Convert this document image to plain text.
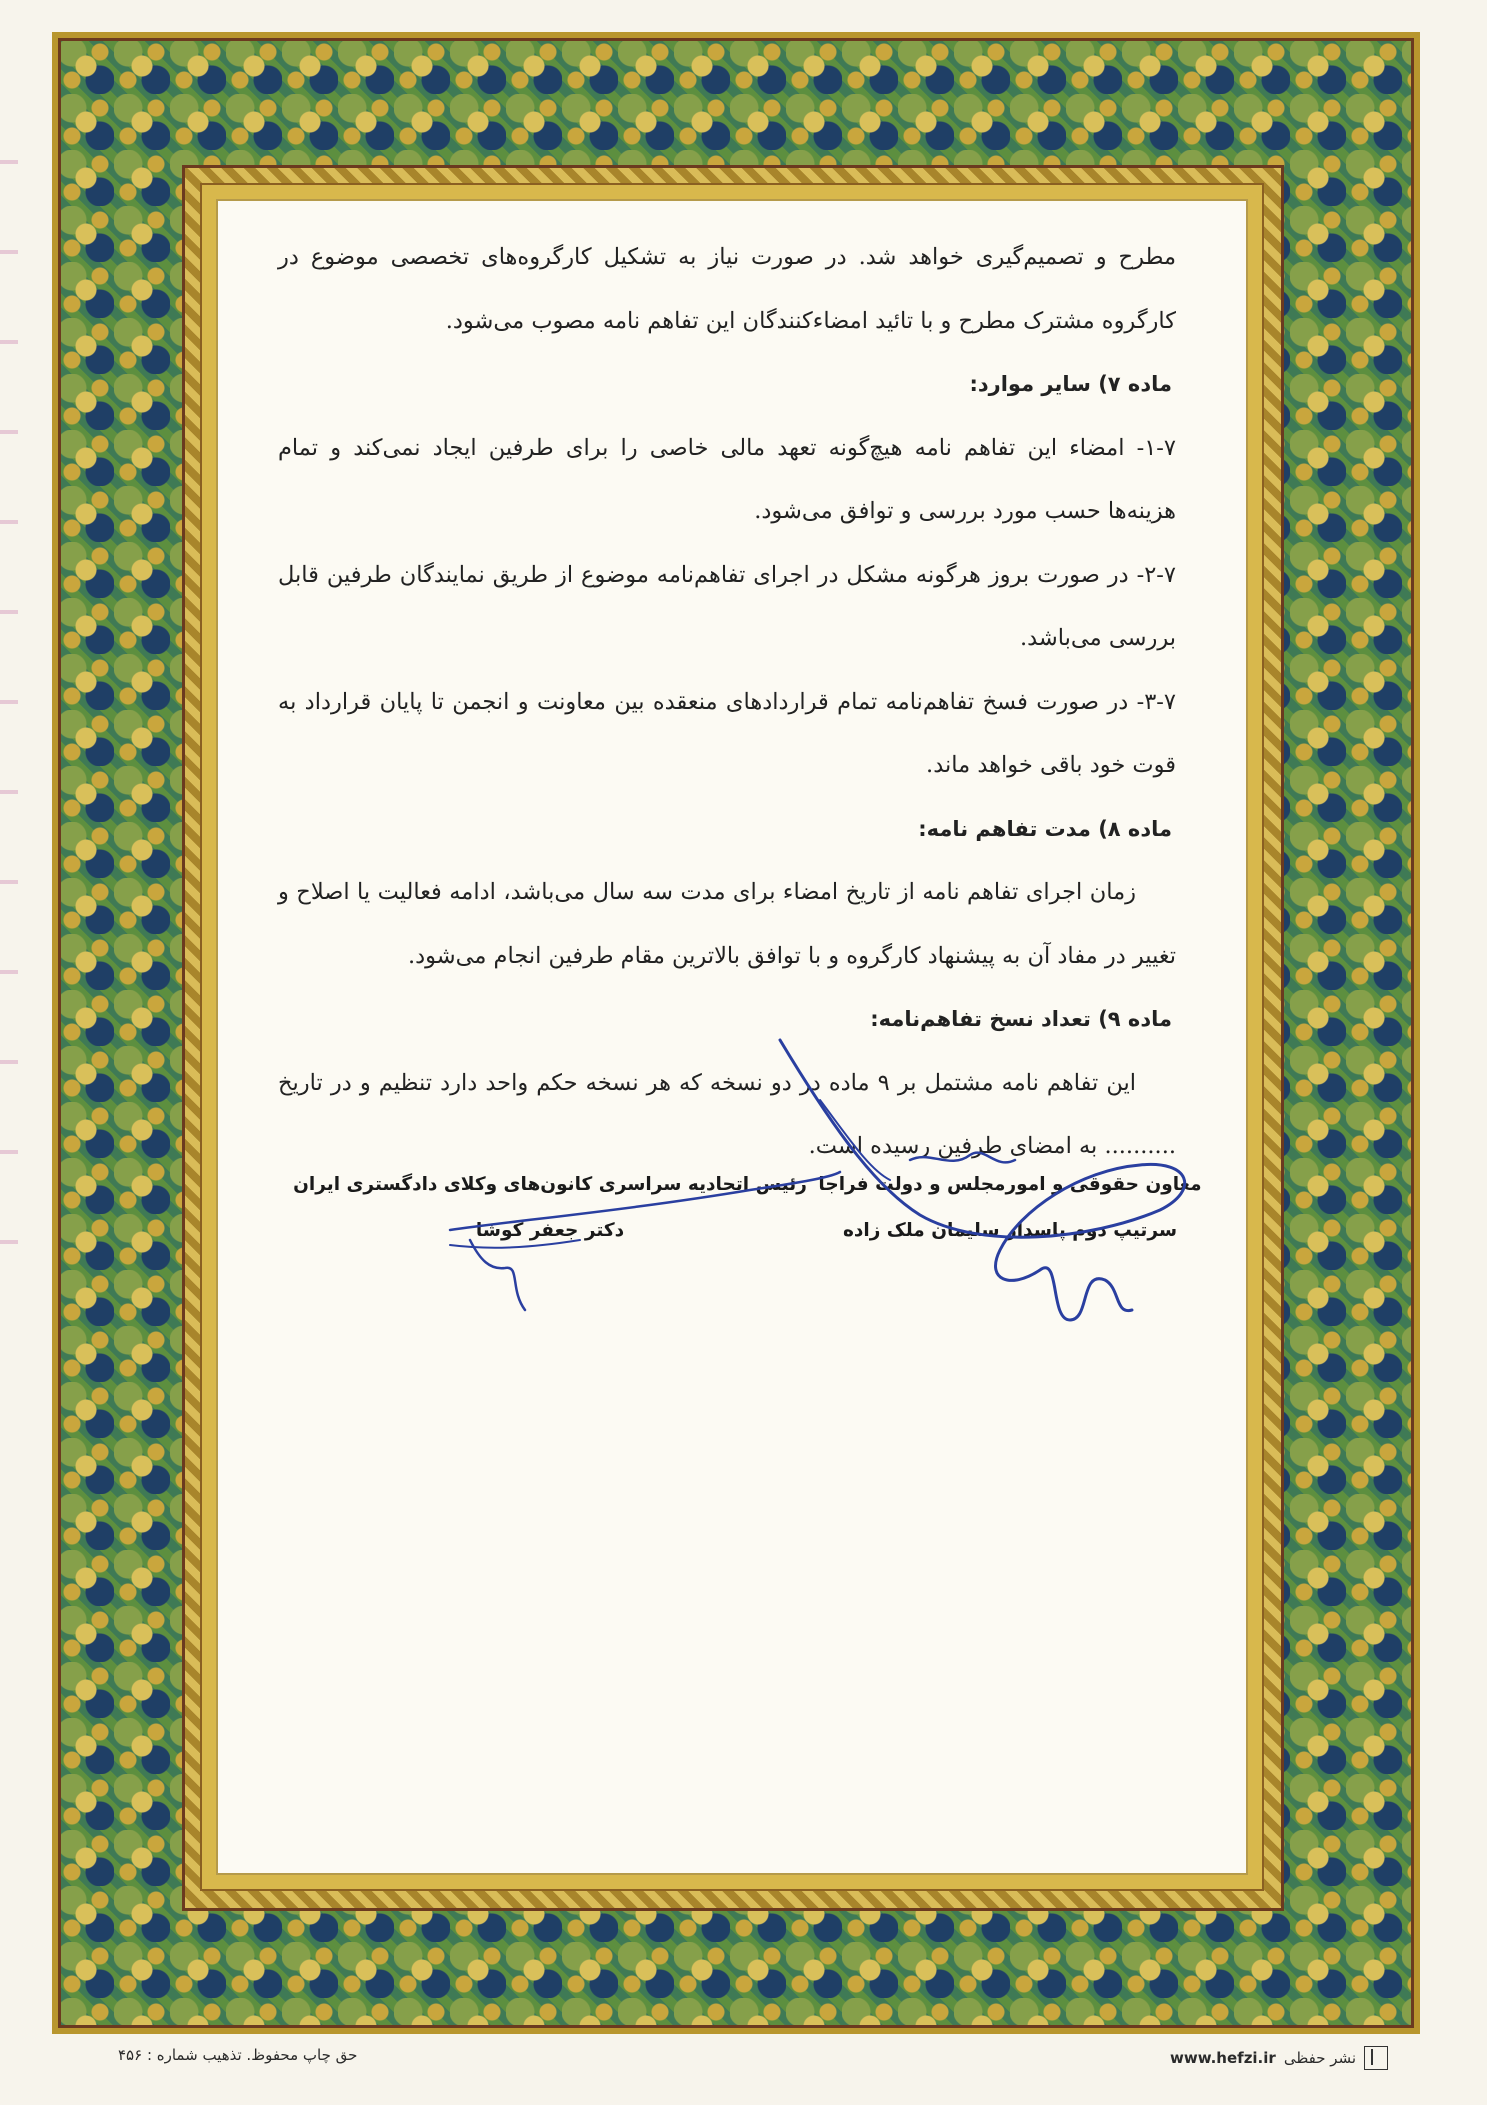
مطرح و تصمیم‌گیری خواهد شد. در صورت نیاز به تشکیل کارگروه‌های تخصصی موضوع در کارگروه مشترک مطرح و با تائید امضاءکنندگان این تفاهم نامه مصوب می‌شود.

ماده ۷) سایر موارد:

۱-۷- امضاء این تفاهم نامه هیچ‌گونه تعهد مالی خاصی را برای طرفین ایجاد نمی‌کند و تمام هزینه‌ها حسب مورد بررسی و توافق می‌شود.

۲-۷- در صورت بروز هرگونه مشکل در اجرای تفاهم‌نامه موضوع از طریق نمایندگان طرفین قابل بررسی می‌باشد.

۳-۷- در صورت فسخ تفاهم‌نامه تمام قراردادهای منعقده بین معاونت و انجمن تا پایان قرارداد به قوت خود باقی خواهد ماند.

ماده ۸) مدت تفاهم نامه:

زمان اجرای تفاهم نامه از تاریخ امضاء برای مدت سه سال می‌باشد، ادامه فعالیت یا اصلاح و تغییر در مفاد آن به پیشنهاد کارگروه و با توافق بالاترین مقام طرفین انجام می‌شود.

ماده ۹) تعداد نسخ تفاهم‌نامه:

این تفاهم نامه مشتمل بر ۹ ماده در دو نسخه که هر نسخه حکم واحد دارد تنظیم و در تاریخ .......... به امضای طرفین رسیده است.

معاون حقوقی و امورمجلس و دولت فراجا
سرتیپ دوم پاسدار سلیمان ملک زاده
رئیس اتحادیه سراسری کانون‌های وکلای دادگستری ایران
دکتر جعفر کوشا
حق چاپ محفوظ. تذهیب شماره : ۴۵۶	www.hefzi.ir نشر حفظی
